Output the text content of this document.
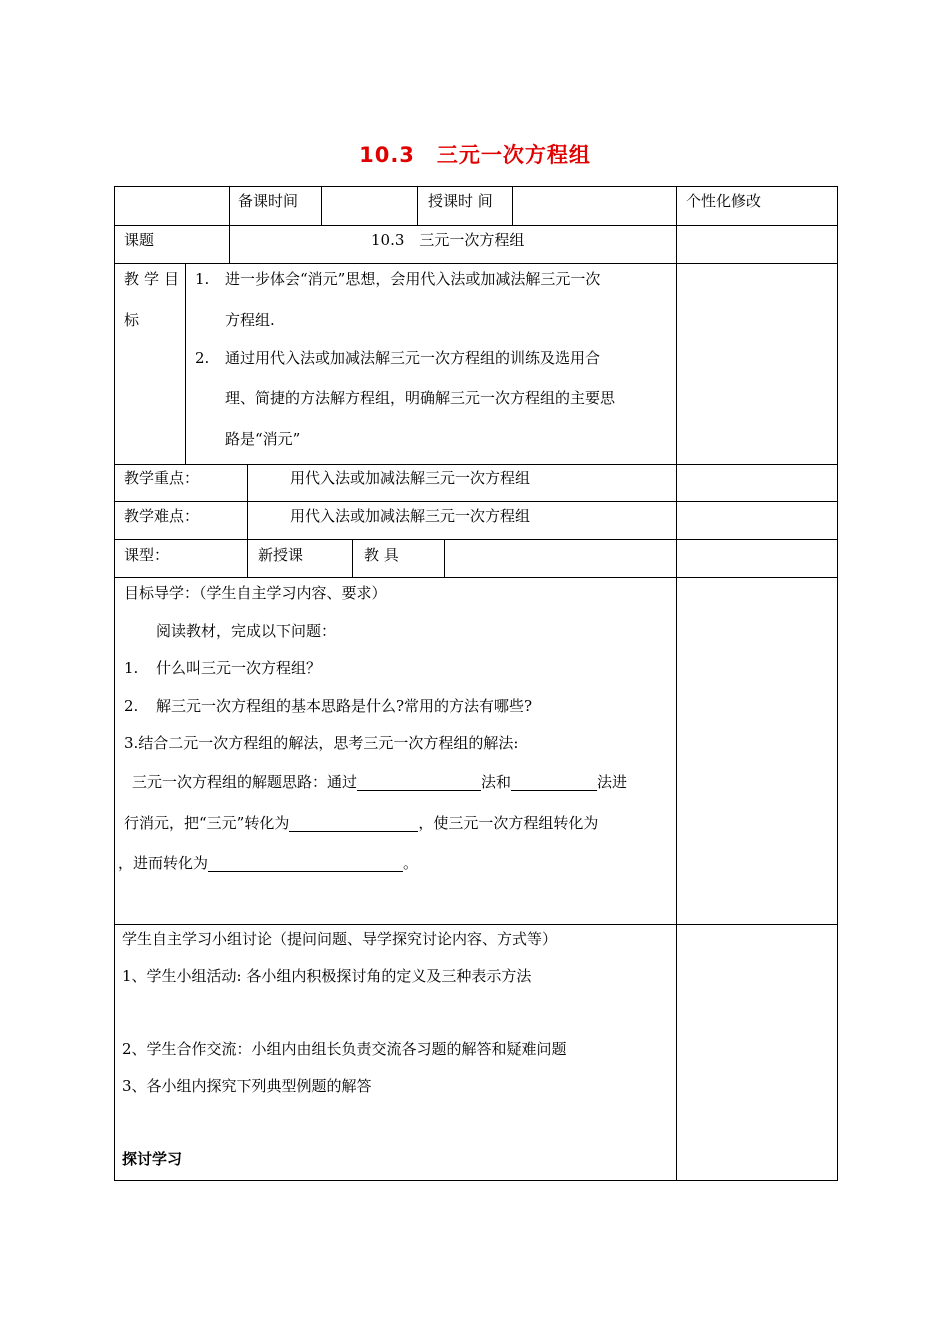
10.3　三元一次方程组
备课时间	授课时 间	个性化修改
课题	10.3　三元一次方程组
教学目
标
1. 进一步体会“消元”思想，会用代入法或加减法解三元一次
方程组.
2. 通过用代入法或加减法解三元一次方程组的训练及选用合
理、简捷的方法解方程组，明确解三元一次方程组的主要思
路是“消元”
教学重点：	用代入法或加减法解三元一次方程组
教学难点：	用代入法或加减法解三元一次方程组
课型：	新授课	教 具
目标导学：（学生自主学习内容、要求）
阅读教材，完成以下问题：
1. 什么叫三元一次方程组？
2. 解三元一次方程组的基本思路是什么?常用的方法有哪些?
3.结合二元一次方程组的解法，思考三元一次方程组的解法:
三元一次方程组的解题思路：通过	法和	法进
行消元，把“三元”转化为	，使三元一次方程组转化为
，进而转化为	。
学生自主学习小组讨论（提问问题、导学探究讨论内容、方式等）
1、学生小组活动: 各小组内积极探讨角的定义及三种表示方法
2、学生合作交流：小组内由组长负责交流各习题的解答和疑难问题
3、各小组内探究下列典型例题的解答
探讨学习
